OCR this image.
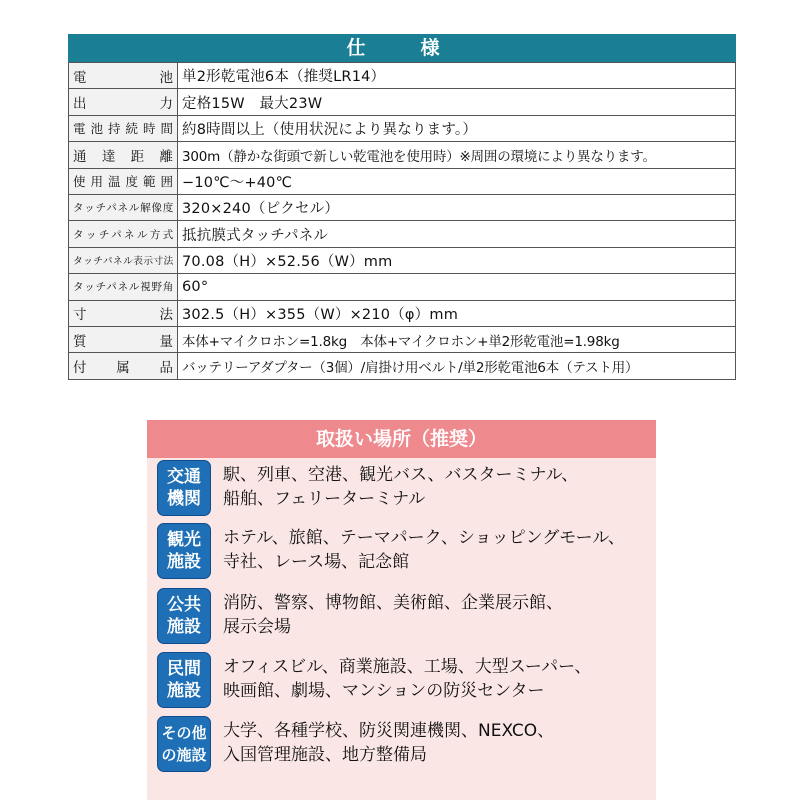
仕　様
電池	単2形乾電池6本（推奨LR14）
出力	定格15W　最大23W
電池持続時間	約8時間以上（使用状況により異なります。）
通達距離	300m（静かな街頭で新しい乾電池を使用時）※周囲の環境により異なります。
使用温度範囲	−10℃〜+40℃
タッチパネル解像度	320×240（ピクセル）
タッチパネル方式	抵抗膜式タッチパネル
タッチパネル表示寸法	70.08（H）×52.56（W）mm
タッチパネル視野角	60°
寸法	302.5（H）×355（W）×210（φ）mm
質量	本体+マイクロホン=1.8kg　本体+マイクロホン+単2形乾電池=1.98kg
付属品	バッテリーアダプター（3個）/肩掛け用ベルト/単2形乾電池6本（テスト用）
取扱い場所（推奨）
交通
機関
駅、列車、空港、観光バス、バスターミナル、
船舶、フェリーターミナル
観光
施設
ホテル、旅館、テーマパーク、ショッピングモール、
寺社、レース場、記念館
公共
施設
消防、警察、博物館、美術館、企業展示館、
展示会場
民間
施設
オフィスビル、商業施設、工場、大型スーパー、
映画館、劇場、マンションの防災センター
その他
の施設
大学、各種学校、防災関連機関、NEXCO、
入国管理施設、地方整備局
